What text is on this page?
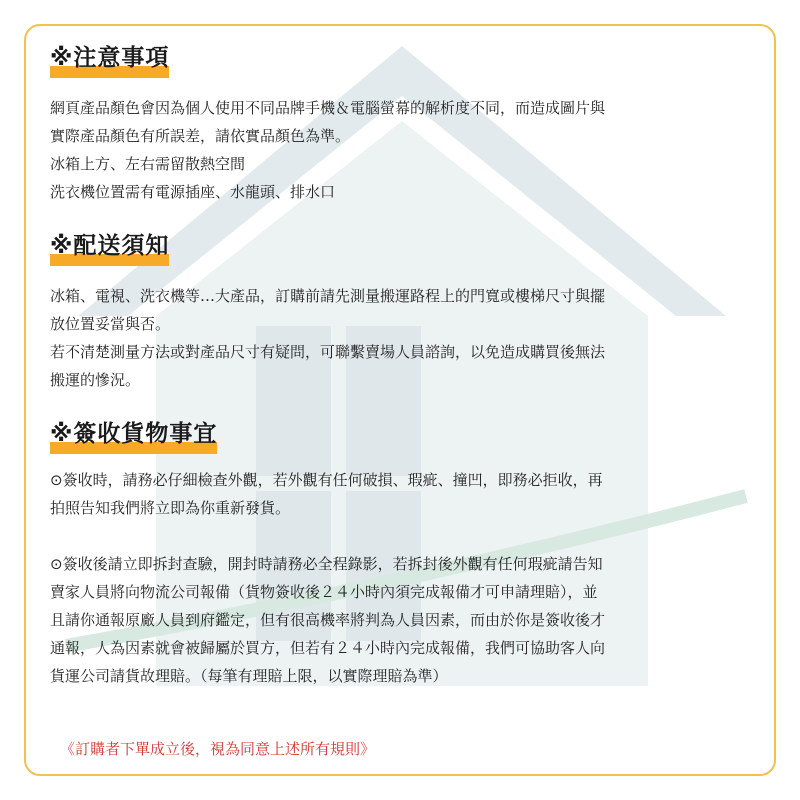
※注意事項

網頁產品顏色會因為個人使用不同品牌手機＆電腦螢幕的解析度不同，而造成圖片與

實際產品顏色有所誤差，請依實品顏色為準。

冰箱上方、左右需留散熱空間

洗衣機位置需有電源插座、水龍頭、排水口

※配送須知

冰箱、電視、洗衣機等…大產品，訂購前請先測量搬運路程上的門寬或樓梯尺寸與擺

放位置妥當與否。

若不清楚測量方法或對產品尺寸有疑問，可聯繫賣場人員諮詢，以免造成購買後無法

搬運的慘況。

※簽收貨物事宜

⊙簽收時，請務必仔細檢查外觀，若外觀有任何破損、瑕疵、撞凹，即務必拒收，再

拍照告知我們將立即為你重新發貨。

⊙簽收後請立即拆封查驗，開封時請務必全程錄影，若拆封後外觀有任何瑕疵請告知

賣家人員將向物流公司報備（貨物簽收後２４小時內須完成報備才可申請理賠），並

且請你通報原廠人員到府鑑定，但有很高機率將判為人員因素，而由於你是簽收後才

通報，人為因素就會被歸屬於買方，但若有２４小時內完成報備，我們可協助客人向

貨運公司請貨故理賠。（每筆有理賠上限，以實際理賠為準）

《訂購者下單成立後，視為同意上述所有規則》
